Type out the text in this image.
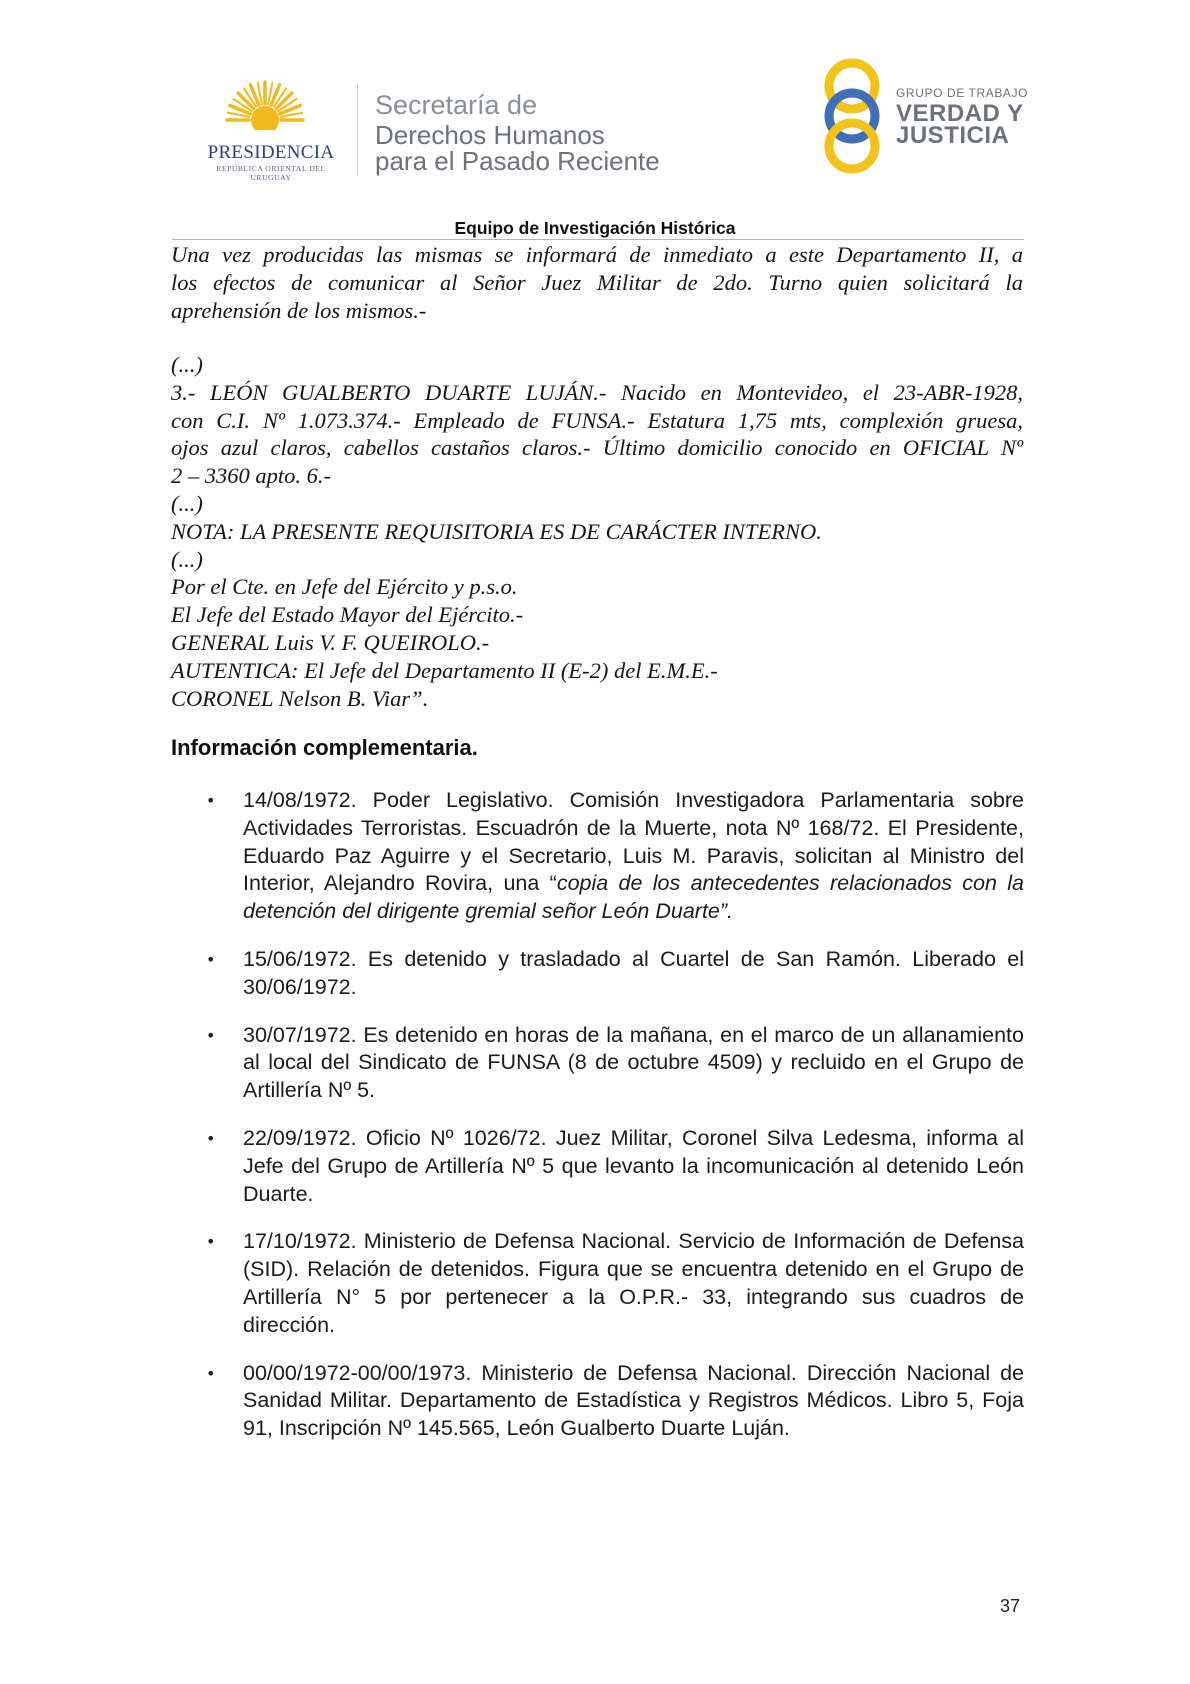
PRESIDENCIA
REPÚBLICA ORIENTAL DEL URUGUAY
Secretaría de
Derechos Humanos
para el Pasado Reciente
GRUPO DE TRABAJO
VERDAD Y
JUSTICIA
Equipo de Investigación Histórica

Una vez producidas las mismas se informará de inmediato a este Departamento II, a

los efectos de comunicar al Señor Juez Militar de 2do. Turno quien solicitará la

aprehensión de los mismos.-

(...)

3.- LEÓN GUALBERTO DUARTE LUJÁN.- Nacido en Montevideo, el 23-ABR-1928,

con C.I. Nº 1.073.374.- Empleado de FUNSA.- Estatura 1,75 mts, complexión gruesa,

ojos azul claros, cabellos castaños claros.- Último domicilio conocido en OFICIAL Nº

2 – 3360 apto. 6.-

(...)

NOTA: LA PRESENTE REQUISITORIA ES DE CARÁCTER INTERNO.

(...)

Por el Cte. en Jefe del Ejército y p.s.o.

El Jefe del Estado Mayor del Ejército.-

GENERAL Luis V. F. QUEIROLO.-

AUTENTICA: El Jefe del Departamento II (E-2) del E.M.E.-

CORONEL Nelson B. Viar”.

Información complementaria.
• 14/08/1972. Poder Legislativo. Comisión Investigadora Parlamentaria sobre Actividades Terroristas. Escuadrón de la Muerte, nota Nº 168/72. El Presidente, Eduardo Paz Aguirre y el Secretario, Luis M. Paravis, solicitan al Ministro del Interior, Alejandro Rovira, una “copia de los antecedentes relacionados con la detención del dirigente gremial señor León Duarte”.
• 15/06/1972. Es detenido y trasladado al Cuartel de San Ramón. Liberado el 30/06/1972.
• 30/07/1972. Es detenido en horas de la mañana, en el marco de un allanamiento al local del Sindicato de FUNSA (8 de octubre 4509) y recluido en el Grupo de Artillería Nº 5.
• 22/09/1972. Oficio Nº 1026/72. Juez Militar, Coronel Silva Ledesma, informa al Jefe del Grupo de Artillería Nº 5 que levanto la incomunicación al detenido León Duarte.
• 17/10/1972. Ministerio de Defensa Nacional. Servicio de Información de Defensa (SID). Relación de detenidos. Figura que se encuentra detenido en el Grupo de Artillería N° 5 por pertenecer a la O.P.R.- 33, integrando sus cuadros de dirección.
• 00/00/1972-00/00/1973. Ministerio de Defensa Nacional. Dirección Nacional de Sanidad Militar. Departamento de Estadística y Registros Médicos. Libro 5, Foja 91, Inscripción Nº 145.565, León Gualberto Duarte Luján.
37
